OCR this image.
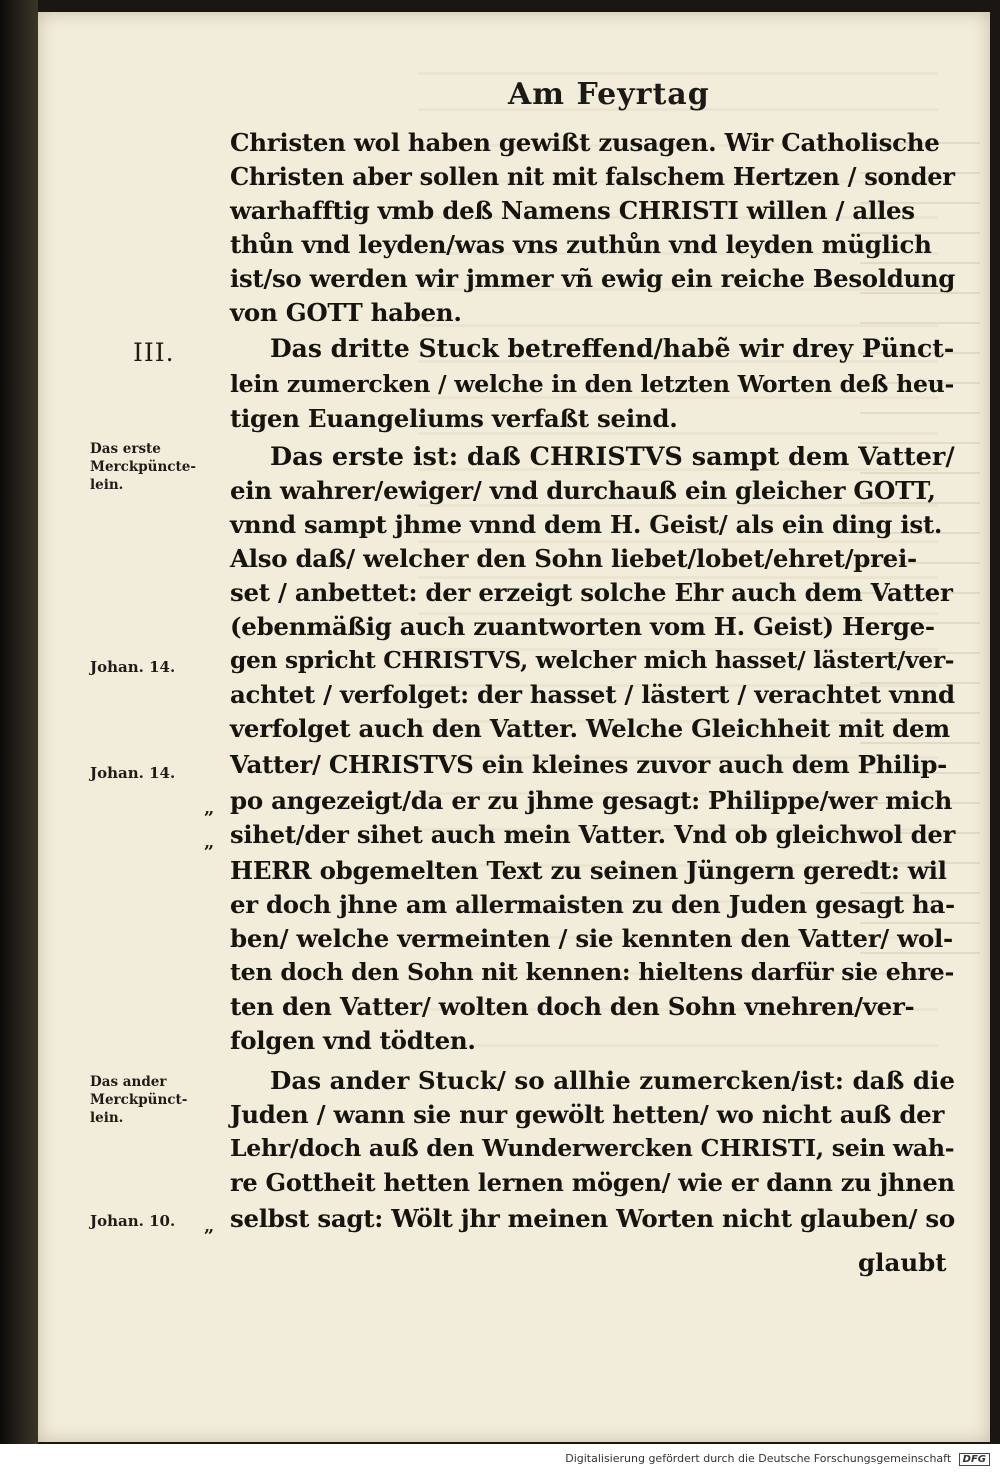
Am Feyrtag
Christen wol haben gewißt zusagen. Wir Catholische
Christen aber sollen nit mit falschem Hertzen / sonder
warhafftig vmb deß Namens CHRISTI willen / alles
thůn vnd leyden/was vns zuthůn vnd leyden müglich
ist/so werden wir jmmer vñ ewig ein reiche Besoldung
von GOTT haben.
Das dritte Stuck betreffend/habẽ wir drey Pünct-
lein zumercken / welche in den letzten Worten deß heu-
tigen Euangeliums verfaßt seind.
Das erste ist: daß CHRISTVS sampt dem Vatter/
ein wahrer/ewiger/ vnd durchauß ein gleicher GOTT,
vnnd sampt jhme vnnd dem H. Geist/ als ein ding ist.
Also daß/ welcher den Sohn liebet/lobet/ehret/prei-
set / anbettet: der erzeigt solche Ehr auch dem Vatter
(ebenmäßig auch zuantworten vom H. Geist) Herge-
gen spricht CHRISTVS, welcher mich hasset/ lästert/ver-
achtet / verfolget: der hasset / lästert / verachtet vnnd
verfolget auch den Vatter. Welche Gleichheit mit dem
Vatter/ CHRISTVS ein kleines zuvor auch dem Philip-
po angezeigt/da er zu jhme gesagt: Philippe/wer mich
sihet/der sihet auch mein Vatter. Vnd ob gleichwol der
HERR obgemelten Text zu seinen Jüngern geredt: wil
er doch jhne am allermaisten zu den Juden gesagt ha-
ben/ welche vermeinten / sie kennten den Vatter/ wol-
ten doch den Sohn nit kennen: hieltens darfür sie ehre-
ten den Vatter/ wolten doch den Sohn vnehren/ver-
folgen vnd tödten.
Das ander Stuck/ so allhie zumercken/ist: daß die
Juden / wann sie nur gewölt hetten/ wo nicht auß der
Lehr/doch auß den Wunderwercken CHRISTI, sein wah-
re Gottheit hetten lernen mögen/ wie er dann zu jhnen
selbst sagt: Wölt jhr meinen Worten nicht glauben/ so
III.
Das erste
Merckpüncte-
lein.
Johan. 14.
Johan. 14.
Das ander
Merckpünct-
lein.
Johan. 10.
„
„
„
glaubt
Digitalisierung gefördert durch die Deutsche Forschungsgemeinschaft DFG
